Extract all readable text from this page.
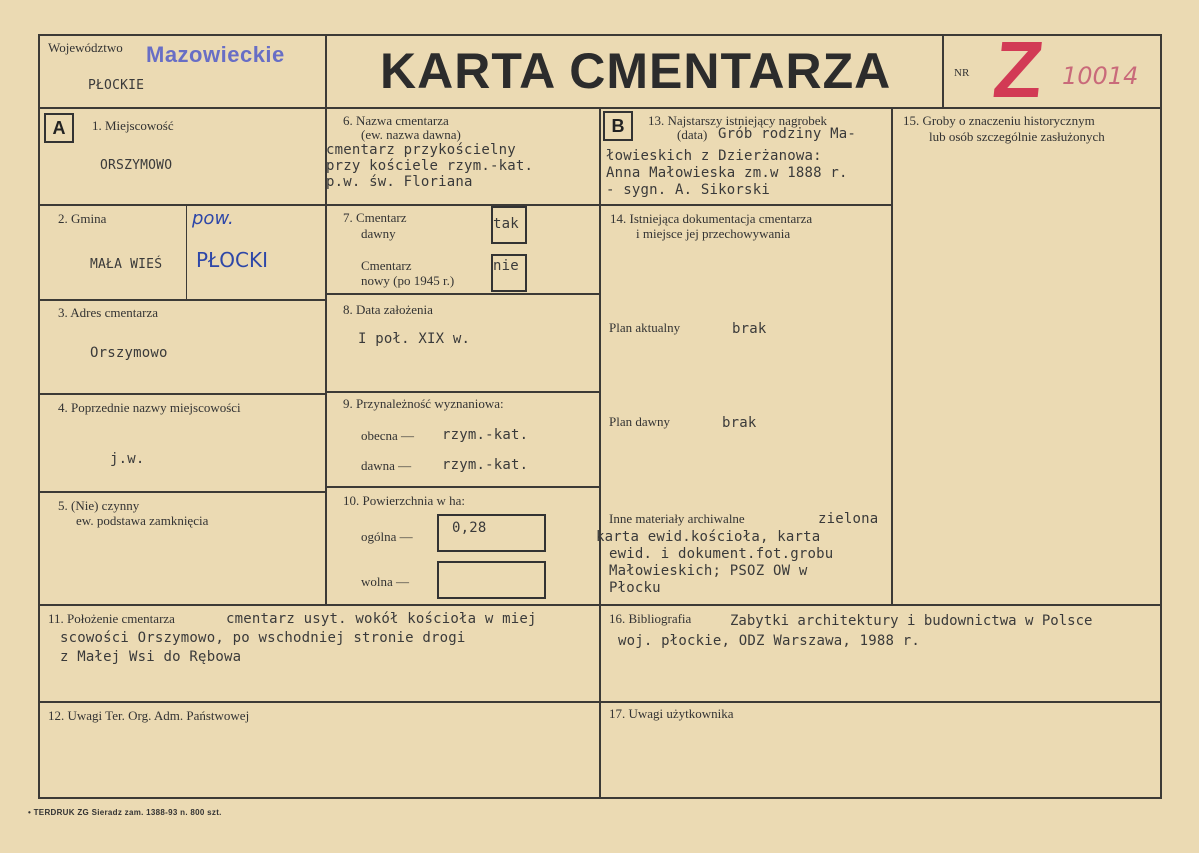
Województwo Mazowieckie
PŁOCKIE	KARTA CMENTARZA	NR Z 10014
A	1. Miejscowość
ORSZYMOWO
2. Gmina
MAŁA WIEŚ
pow.
PŁOCKI
3. Adres cmentarza
Orszymowo
4. Poprzednie nazwy miejscowości
j.w.
5. (Nie) czynny
ew. podstawa zamknięcia
6. Nazwa cmentarza
(ew. nazwa dawna)
cmentarz przykościelny
przy kościele rzym.-kat.
p.w. św. Floriana
7. Cmentarz
dawny
tak
Cmentarz
nowy (po 1945 r.)
nie
8. Data założenia
I poł. XIX w.
9. Przynależność wyznaniowa:
obecna — rzym.-kat.
dawna — rzym.-kat.
10. Powierzchnia w ha:
ogólna —
0,28
wolna —
B	13. Najstarszy istniejący nagrobek
(data) Grób rodziny Ma-
łowieskich z Dzierżanowa:
Anna Małowieska zm.w 1888 r.
- sygn. A. Sikorski
14. Istniejąca dokumentacja cmentarza
i miejsce jej przechowywania
Plan aktualny	brak
Plan dawny	brak
Inne materiały archiwalne	zielona
karta ewid.kościoła, karta
ewid. i dokument.fot.grobu
Małowieskich; PSOZ OW w
Płocku
15. Groby o znaczeniu historycznym
lub osób szczególnie zasłużonych
11. Położenie cmentarza	cmentarz usyt. wokół kościoła w miej
scowości Orszymowo, po wschodniej stronie drogi
z Małej Wsi do Rębowa
16. Bibliografia	Zabytki architektury i budownictwa w Polsce
woj. płockie, ODZ Warszawa, 1988 r.
12. Uwagi Ter. Org. Adm. Państwowej	17. Uwagi użytkownika
• TERDRUK ZG Sieradz zam. 1388-93 n. 800 szt.
